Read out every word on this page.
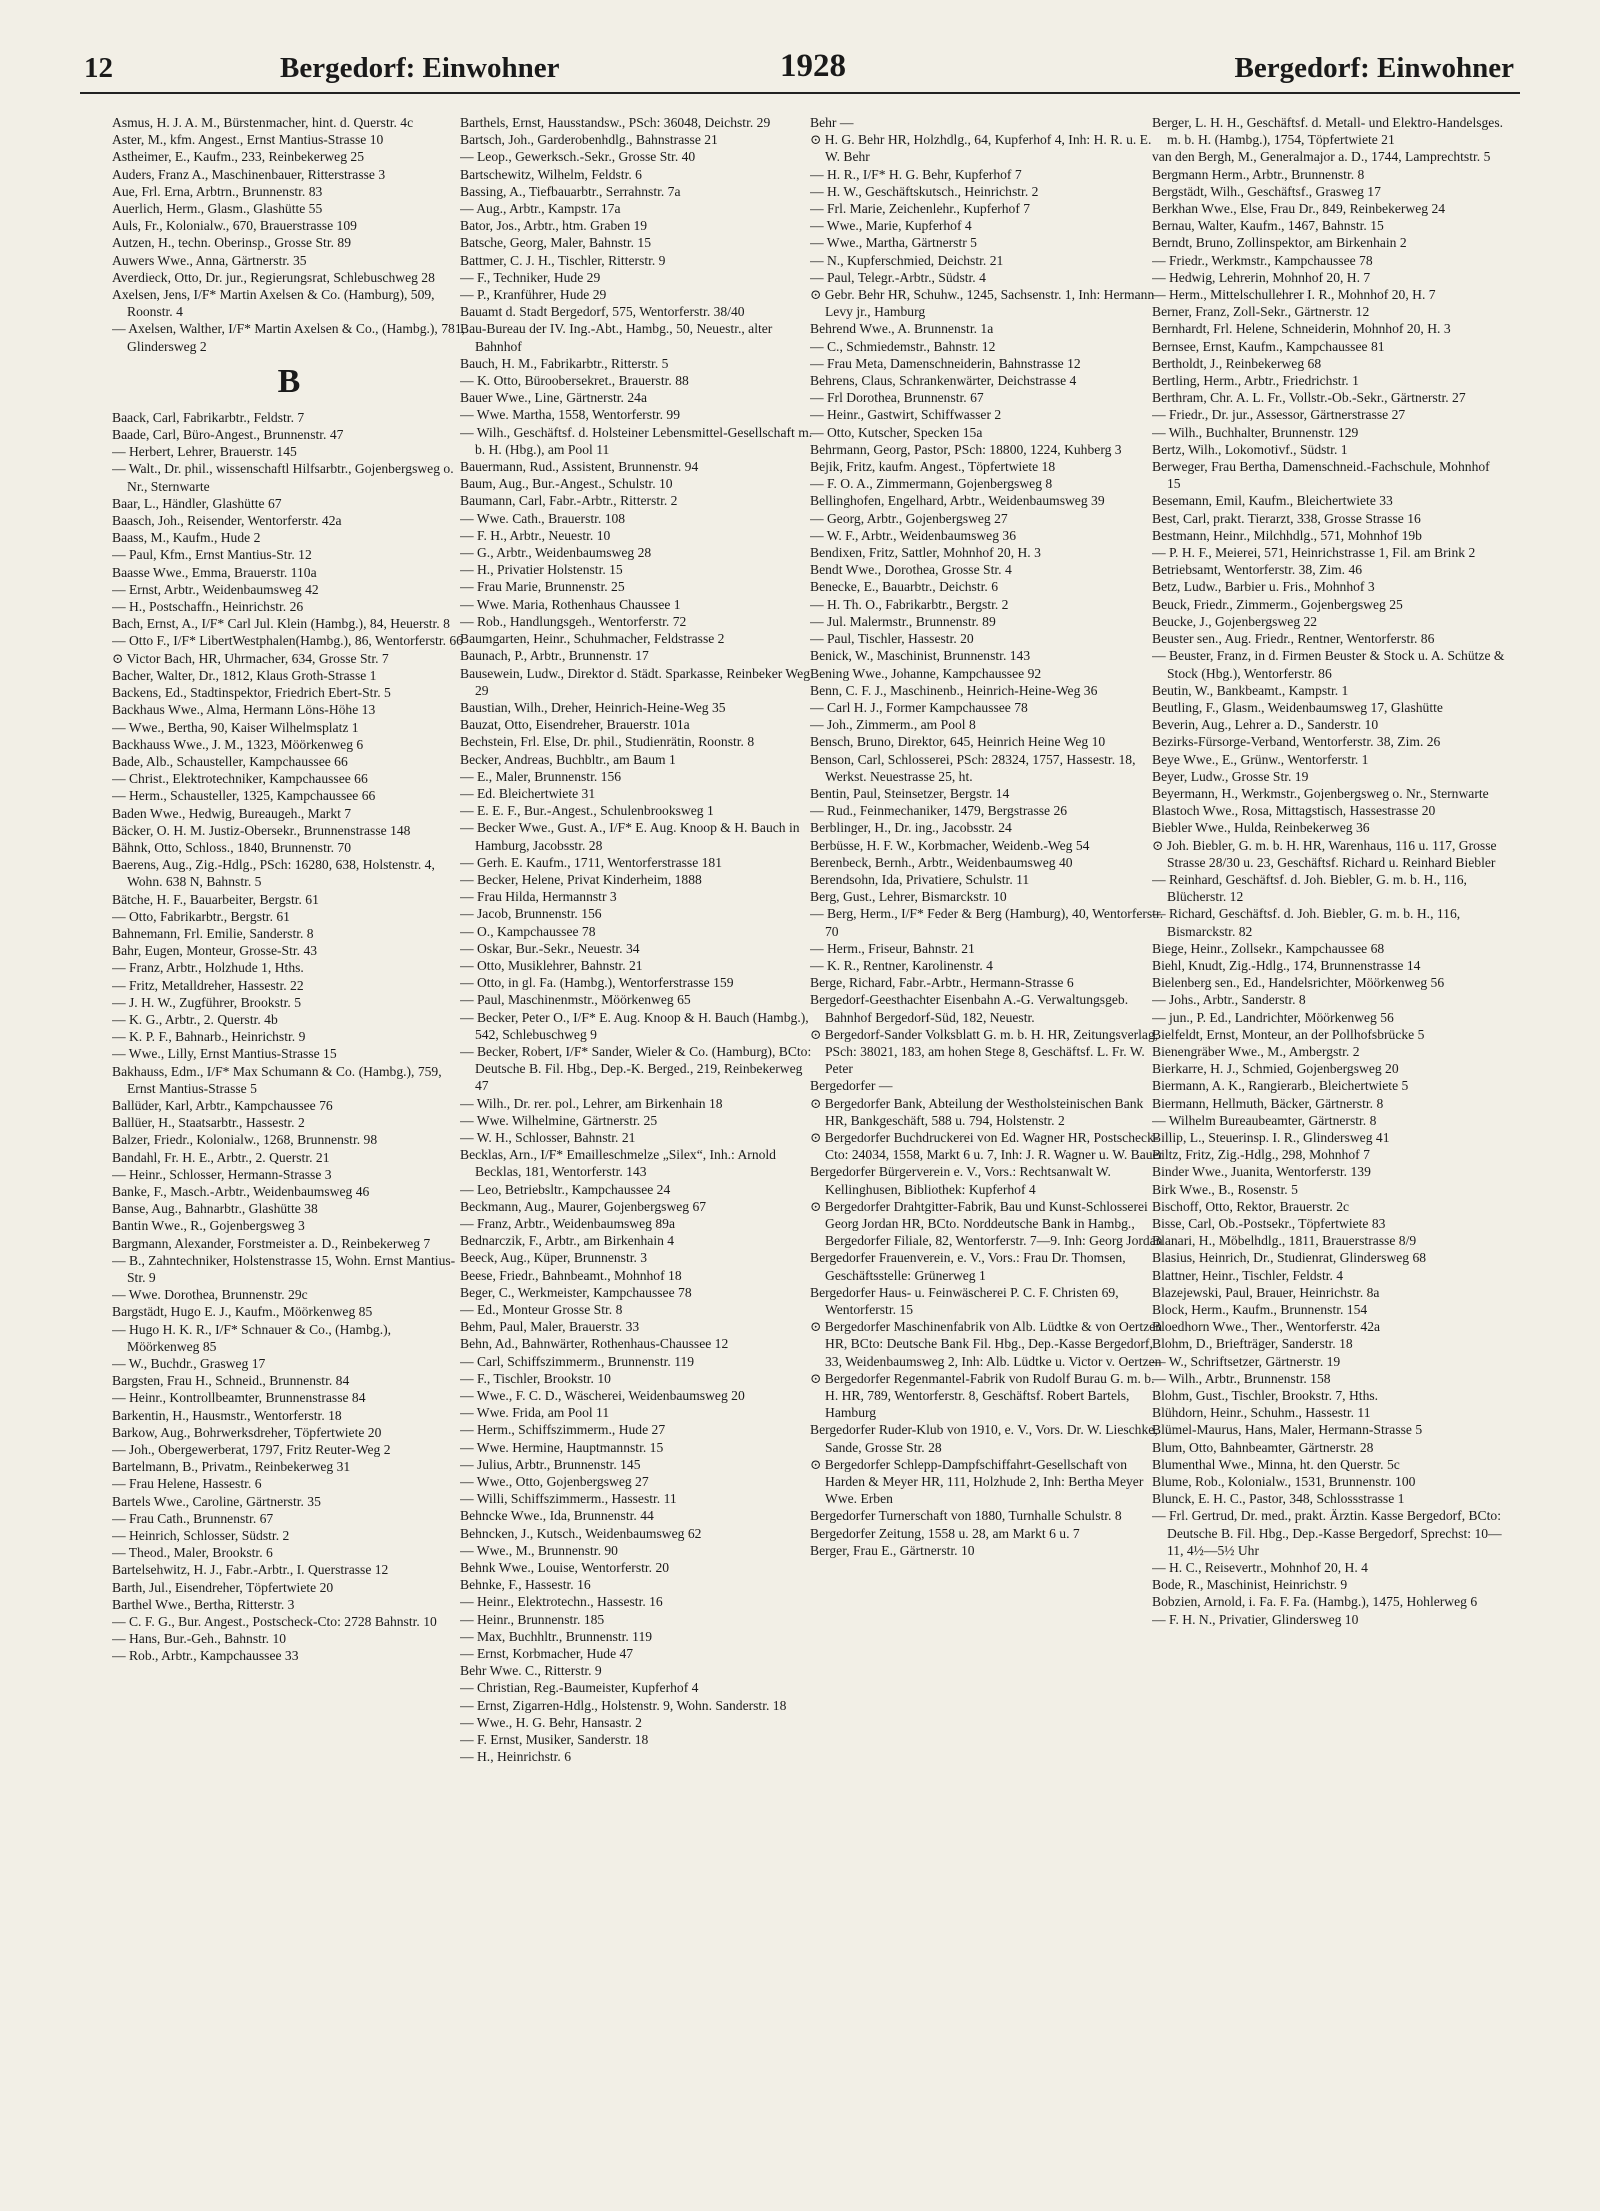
12	Bergedorf: Einwohner	1928	Bergedorf: Einwohner
Asmus, H. J. A. M., Bürstenmacher, hint. d. Querstr. 4c
Aster, M., kfm. Angest., Ernst Mantius-Strasse 10
Astheimer, E., Kaufm., 233, Reinbekerweg 25
Auders, Franz A., Maschinenbauer, Ritterstrasse 3
Aue, Frl. Erna, Arbtrn., Brunnenstr. 83
Auerlich, Herm., Glasm., Glashütte 55
Auls, Fr., Kolonialw., 670, Brauerstrasse 109
Autzen, H., techn. Oberinsp., Grosse Str. 89
Auwers Wwe., Anna, Gärtnerstr. 35
Averdieck, Otto, Dr. jur., Regierungsrat, Schlebuschweg 28
Axelsen, Jens, I/F* Martin Axelsen & Co. (Hamburg), 509, Roonstr. 4
— Axelsen, Walther, I/F* Martin Axelsen & Co., (Hambg.), 781, Glindersweg 2
B
Baack, Carl, Fabrikarbtr., Feldstr. 7
Baade, Carl, Büro-Angest., Brunnenstr. 47
— Herbert, Lehrer, Brauerstr. 145
— Walt., Dr. phil., wissenschaftl Hilfsarbtr., Gojenbergsweg o. Nr., Sternwarte
Baar, L., Händler, Glashütte 67
Baasch, Joh., Reisender, Wentorferstr. 42a
Baass, M., Kaufm., Hude 2
— Paul, Kfm., Ernst Mantius-Str. 12
Baasse Wwe., Emma, Brauerstr. 110a
— Ernst, Arbtr., Weidenbaumsweg 42
— H., Postschaffn., Heinrichstr. 26
Bach, Ernst, A., I/F* Carl Jul. Klein (Hambg.), 84, Heuerstr. 8
— Otto F., I/F* LibertWestphalen(Hambg.), 86, Wentorferstr. 66
⊙ Victor Bach, HR, Uhrmacher, 634, Grosse Str. 7
Bacher, Walter, Dr., 1812, Klaus Groth-Strasse 1
Backens, Ed., Stadtinspektor, Friedrich Ebert-Str. 5
Backhaus Wwe., Alma, Hermann Löns-Höhe 13
— Wwe., Bertha, 90, Kaiser Wilhelmsplatz 1
Backhauss Wwe., J. M., 1323, Möörkenweg 6
Bade, Alb., Schausteller, Kampchaussee 66
— Christ., Elektrotechniker, Kampchaussee 66
— Herm., Schausteller, 1325, Kampchaussee 66
Baden Wwe., Hedwig, Bureaugeh., Markt 7
Bäcker, O. H. M. Justiz-Obersekr., Brunnenstrasse 148
Bähnk, Otto, Schloss., 1840, Brunnenstr. 70
Baerens, Aug., Zig.-Hdlg., PSch: 16280, 638, Holstenstr. 4, Wohn. 638 N, Bahnstr. 5
Bätche, H. F., Bauarbeiter, Bergstr. 61
— Otto, Fabrikarbtr., Bergstr. 61
Bahnemann, Frl. Emilie, Sanderstr. 8
Bahr, Eugen, Monteur, Grosse-Str. 43
— Franz, Arbtr., Holzhude 1, Hths.
— Fritz, Metalldreher, Hassestr. 22
— J. H. W., Zugführer, Brookstr. 5
— K. G., Arbtr., 2. Querstr. 4b
— K. P. F., Bahnarb., Heinrichstr. 9
— Wwe., Lilly, Ernst Mantius-Strasse 15
Bakhauss, Edm., I/F* Max Schumann & Co. (Hambg.), 759, Ernst Mantius-Strasse 5
Ballüder, Karl, Arbtr., Kampchaussee 76
Ballüer, H., Staatsarbtr., Hassestr. 2
Balzer, Friedr., Kolonialw., 1268, Brunnenstr. 98
Bandahl, Fr. H. E., Arbtr., 2. Querstr. 21
— Heinr., Schlosser, Hermann-Strasse 3
Banke, F., Masch.-Arbtr., Weidenbaumsweg 46
Banse, Aug., Bahnarbtr., Glashütte 38
Bantin Wwe., R., Gojenbergsweg 3
Bargmann, Alexander, Forstmeister a. D., Reinbekerweg 7
— B., Zahntechniker, Holstenstrasse 15, Wohn. Ernst Mantius-Str. 9
— Wwe. Dorothea, Brunnenstr. 29c
Bargstädt, Hugo E. J., Kaufm., Möörkenweg 85
— Hugo H. K. R., I/F* Schnauer & Co., (Hambg.), Möörkenweg 85
— W., Buchdr., Grasweg 17
Bargsten, Frau H., Schneid., Brunnenstr. 84
— Heinr., Kontrollbeamter, Brunnenstrasse 84
Barkentin, H., Hausmstr., Wentorferstr. 18
Barkow, Aug., Bohrwerksdreher, Töpfertwiete 20
— Joh., Obergewerberat, 1797, Fritz Reuter-Weg 2
Bartelmann, B., Privatm., Reinbekerweg 31
— Frau Helene, Hassestr. 6
Bartels Wwe., Caroline, Gärtnerstr. 35
— Frau Cath., Brunnenstr. 67
— Heinrich, Schlosser, Südstr. 2
— Theod., Maler, Brookstr. 6
Bartelsehwitz, H. J., Fabr.-Arbtr., I. Querstrasse 12
Barth, Jul., Eisendreher, Töpfertwiete 20
Barthel Wwe., Bertha, Ritterstr. 3
— C. F. G., Bur. Angest., Postscheck-Cto: 2728 Bahnstr. 10
— Hans, Bur.-Geh., Bahnstr. 10
— Rob., Arbtr., Kampchaussee 33
Barthels, Ernst, Hausstandsw., PSch: 36048, Deichstr. 29
Bartsch, Joh., Garderobenhdlg., Bahnstrasse 21
— Leop., Gewerksch.-Sekr., Grosse Str. 40
Bartschewitz, Wilhelm, Feldstr. 6
Bassing, A., Tiefbauarbtr., Serrahnstr. 7a
— Aug., Arbtr., Kampstr. 17a
Bator, Jos., Arbtr., htm. Graben 19
Batsche, Georg, Maler, Bahnstr. 15
Battmer, C. J. H., Tischler, Ritterstr. 9
— F., Techniker, Hude 29
— P., Kranführer, Hude 29
Bauamt d. Stadt Bergedorf, 575, Wentorferstr. 38/40
Bau-Bureau der IV. Ing.-Abt., Hambg., 50, Neuestr., alter Bahnhof
Bauch, H. M., Fabrikarbtr., Ritterstr. 5
— K. Otto, Büroobersekret., Brauerstr. 88
Bauer Wwe., Line, Gärtnerstr. 24a
— Wwe. Martha, 1558, Wentorferstr. 99
— Wilh., Geschäftsf. d. Holsteiner Lebensmittel-Gesellschaft m. b. H. (Hbg.), am Pool 11
Bauermann, Rud., Assistent, Brunnenstr. 94
Baum, Aug., Bur.-Angest., Schulstr. 10
Baumann, Carl, Fabr.-Arbtr., Ritterstr. 2
— Wwe. Cath., Brauerstr. 108
— F. H., Arbtr., Neuestr. 10
— G., Arbtr., Weidenbaumsweg 28
— H., Privatier Holstenstr. 15
— Frau Marie, Brunnenstr. 25
— Wwe. Maria, Rothenhaus Chaussee 1
— Rob., Handlungsgeh., Wentorferstr. 72
Baumgarten, Heinr., Schuhmacher, Feldstrasse 2
Baunach, P., Arbtr., Brunnenstr. 17
Bausewein, Ludw., Direktor d. Städt. Sparkasse, Reinbeker Weg 29
Baustian, Wilh., Dreher, Heinrich-Heine-Weg 35
Bauzat, Otto, Eisendreher, Brauerstr. 101a
Bechstein, Frl. Else, Dr. phil., Studienrätin, Roonstr. 8
Becker, Andreas, Buchbltr., am Baum 1
— E., Maler, Brunnenstr. 156
— Ed. Bleichertwiete 31
— E. E. F., Bur.-Angest., Schulenbrooksweg 1
— Becker Wwe., Gust. A., I/F* E. Aug. Knoop & H. Bauch in Hamburg, Jacobsstr. 28
— Gerh. E. Kaufm., 1711, Wentorferstrasse 181
— Becker, Helene, Privat Kinderheim, 1888
— Frau Hilda, Hermannstr 3
— Jacob, Brunnenstr. 156
— O., Kampchaussee 78
— Oskar, Bur.-Sekr., Neuestr. 34
— Otto, Musiklehrer, Bahnstr. 21
— Otto, in gl. Fa. (Hambg.), Wentorferstrasse 159
— Paul, Maschinenmstr., Möörkenweg 65
— Becker, Peter O., I/F* E. Aug. Knoop & H. Bauch (Hambg.), 542, Schlebuschweg 9
— Becker, Robert, I/F* Sander, Wieler & Co. (Hamburg), BCto: Deutsche B. Fil. Hbg., Dep.-K. Berged., 219, Reinbekerweg 47
— Wilh., Dr. rer. pol., Lehrer, am Birkenhain 18
— Wwe. Wilhelmine, Gärtnerstr. 25
— W. H., Schlosser, Bahnstr. 21
Becklas, Arn., I/F* Emailleschmelze „Silex“, Inh.: Arnold Becklas, 181, Wentorferstr. 143
— Leo, Betriebsltr., Kampchaussee 24
Beckmann, Aug., Maurer, Gojenbergsweg 67
— Franz, Arbtr., Weidenbaumsweg 89a
Bednarczik, F., Arbtr., am Birkenhain 4
Beeck, Aug., Küper, Brunnenstr. 3
Beese, Friedr., Bahnbeamt., Mohnhof 18
Beger, C., Werkmeister, Kampchaussee 78
— Ed., Monteur Grosse Str. 8
Behm, Paul, Maler, Brauerstr. 33
Behn, Ad., Bahnwärter, Rothenhaus-Chaussee 12
— Carl, Schiffszimmerm., Brunnenstr. 119
— F., Tischler, Brookstr. 10
— Wwe., F. C. D., Wäscherei, Weidenbaumsweg 20
— Wwe. Frida, am Pool 11
— Herm., Schiffszimmerm., Hude 27
— Wwe. Hermine, Hauptmannstr. 15
— Julius, Arbtr., Brunnenstr. 145
— Wwe., Otto, Gojenbergsweg 27
— Willi, Schiffszimmerm., Hassestr. 11
Behncke Wwe., Ida, Brunnenstr. 44
Behncken, J., Kutsch., Weidenbaumsweg 62
— Wwe., M., Brunnenstr. 90
Behnk Wwe., Louise, Wentorferstr. 20
Behnke, F., Hassestr. 16
— Heinr., Elektrotechn., Hassestr. 16
— Heinr., Brunnenstr. 185
— Max, Buchhltr., Brunnenstr. 119
— Ernst, Korbmacher, Hude 47
Behr Wwe. C., Ritterstr. 9
— Christian, Reg.-Baumeister, Kupferhof 4
— Ernst, Zigarren-Hdlg., Holstenstr. 9, Wohn. Sanderstr. 18
— Wwe., H. G. Behr, Hansastr. 2
— F. Ernst, Musiker, Sanderstr. 18
— H., Heinrichstr. 6
Behr —
⊙ H. G. Behr HR, Holzhdlg., 64, Kupferhof 4, Inh: H. R. u. E. W. Behr
— H. R., I/F* H. G. Behr, Kupferhof 7
— H. W., Geschäftskutsch., Heinrichstr. 2
— Frl. Marie, Zeichenlehr., Kupferhof 7
— Wwe., Marie, Kupferhof 4
— Wwe., Martha, Gärtnerstr 5
— N., Kupferschmied, Deichstr. 21
— Paul, Telegr.-Arbtr., Südstr. 4
⊙ Gebr. Behr HR, Schuhw., 1245, Sachsenstr. 1, Inh: Hermann Levy jr., Hamburg
Behrend Wwe., A. Brunnenstr. 1a
— C., Schmiedemstr., Bahnstr. 12
— Frau Meta, Damenschneiderin, Bahnstrasse 12
Behrens, Claus, Schrankenwärter, Deichstrasse 4
— Frl Dorothea, Brunnenstr. 67
— Heinr., Gastwirt, Schiffwasser 2
— Otto, Kutscher, Specken 15a
Behrmann, Georg, Pastor, PSch: 18800, 1224, Kuhberg 3
Bejik, Fritz, kaufm. Angest., Töpfertwiete 18
— F. O. A., Zimmermann, Gojenbergsweg 8
Bellinghofen, Engelhard, Arbtr., Weidenbaumsweg 39
— Georg, Arbtr., Gojenbergsweg 27
— W. F., Arbtr., Weidenbaumsweg 36
Bendixen, Fritz, Sattler, Mohnhof 20, H. 3
Bendt Wwe., Dorothea, Grosse Str. 4
Benecke, E., Bauarbtr., Deichstr. 6
— H. Th. O., Fabrikarbtr., Bergstr. 2
— Jul. Malermstr., Brunnenstr. 89
— Paul, Tischler, Hassestr. 20
Benick, W., Maschinist, Brunnenstr. 143
Bening Wwe., Johanne, Kampchaussee 92
Benn, C. F. J., Maschinenb., Heinrich-Heine-Weg 36
— Carl H. J., Former Kampchaussee 78
— Joh., Zimmerm., am Pool 8
Bensch, Bruno, Direktor, 645, Heinrich Heine Weg 10
Benson, Carl, Schlosserei, PSch: 28324, 1757, Hassestr. 18, Werkst. Neuestrasse 25, ht.
Bentin, Paul, Steinsetzer, Bergstr. 14
— Rud., Feinmechaniker, 1479, Bergstrasse 26
Berblinger, H., Dr. ing., Jacobsstr. 24
Berbüsse, H. F. W., Korbmacher, Weidenb.-Weg 54
Berenbeck, Bernh., Arbtr., Weidenbaumsweg 40
Berendsohn, Ida, Privatiere, Schulstr. 11
Berg, Gust., Lehrer, Bismarckstr. 10
— Berg, Herm., I/F* Feder & Berg (Hamburg), 40, Wentorferstr. 70
— Herm., Friseur, Bahnstr. 21
— K. R., Rentner, Karolinenstr. 4
Berge, Richard, Fabr.-Arbtr., Hermann-Strasse 6
Bergedorf-Geesthachter Eisenbahn A.-G. Verwaltungsgeb. Bahnhof Bergedorf-Süd, 182, Neuestr.
⊙ Bergedorf-Sander Volksblatt G. m. b. H. HR, Zeitungsverlag, PSch: 38021, 183, am hohen Stege 8, Geschäftsf. L. Fr. W. Peter
Bergedorfer —
⊙ Bergedorfer Bank, Abteilung der Westholsteinischen Bank HR, Bankgeschäft, 588 u. 794, Holstenstr. 2
⊙ Bergedorfer Buchdruckerei von Ed. Wagner HR, Postscheck-Cto: 24034, 1558, Markt 6 u. 7, Inh: J. R. Wagner u. W. Bauer
Bergedorfer Bürgerverein e. V., Vors.: Rechtsanwalt W. Kellinghusen, Bibliothek: Kupferhof 4
⊙ Bergedorfer Drahtgitter-Fabrik, Bau und Kunst-Schlosserei Georg Jordan HR, BCto. Norddeutsche Bank in Hambg., Bergedorfer Filiale, 82, Wentorferstr. 7—9. Inh: Georg Jordan
Bergedorfer Frauenverein, e. V., Vors.: Frau Dr. Thomsen, Geschäftsstelle: Grünerweg 1
Bergedorfer Haus- u. Feinwäscherei P. C. F. Christen 69, Wentorferstr. 15
⊙ Bergedorfer Maschinenfabrik von Alb. Lüdtke & von Oertzen HR, BCto: Deutsche Bank Fil. Hbg., Dep.-Kasse Bergedorf, 33, Weidenbaumsweg 2, Inh: Alb. Lüdtke u. Victor v. Oertzen
⊙ Bergedorfer Regenmantel-Fabrik von Rudolf Burau G. m. b. H. HR, 789, Wentorferstr. 8, Geschäftsf. Robert Bartels, Hamburg
Bergedorfer Ruder-Klub von 1910, e. V., Vors. Dr. W. Lieschke, Sande, Grosse Str. 28
⊙ Bergedorfer Schlepp-Dampfschiffahrt-Gesellschaft von Harden & Meyer HR, 111, Holzhude 2, Inh: Bertha Meyer Wwe. Erben
Bergedorfer Turnerschaft von 1880, Turnhalle Schulstr. 8
Bergedorfer Zeitung, 1558 u. 28, am Markt 6 u. 7
Berger, Frau E., Gärtnerstr. 10
Berger, L. H. H., Geschäftsf. d. Metall- und Elektro-Handelsges. m. b. H. (Hambg.), 1754, Töpfertwiete 21
van den Bergh, M., Generalmajor a. D., 1744, Lamprechtstr. 5
Bergmann Herm., Arbtr., Brunnenstr. 8
Bergstädt, Wilh., Geschäftsf., Grasweg 17
Berkhan Wwe., Else, Frau Dr., 849, Reinbekerweg 24
Bernau, Walter, Kaufm., 1467, Bahnstr. 15
Berndt, Bruno, Zollinspektor, am Birkenhain 2
— Friedr., Werkmstr., Kampchaussee 78
— Hedwig, Lehrerin, Mohnhof 20, H. 7
— Herm., Mittelschullehrer I. R., Mohnhof 20, H. 7
Berner, Franz, Zoll-Sekr., Gärtnerstr. 12
Bernhardt, Frl. Helene, Schneiderin, Mohnhof 20, H. 3
Bernsee, Ernst, Kaufm., Kampchaussee 81
Bertholdt, J., Reinbekerweg 68
Bertling, Herm., Arbtr., Friedrichstr. 1
Berthram, Chr. A. L. Fr., Vollstr.-Ob.-Sekr., Gärtnerstr. 27
— Friedr., Dr. jur., Assessor, Gärtnerstrasse 27
— Wilh., Buchhalter, Brunnenstr. 129
Bertz, Wilh., Lokomotivf., Südstr. 1
Berweger, Frau Bertha, Damenschneid.-Fachschule, Mohnhof 15
Besemann, Emil, Kaufm., Bleichertwiete 33
Best, Carl, prakt. Tierarzt, 338, Grosse Strasse 16
Bestmann, Heinr., Milchhdlg., 571, Mohnhof 19b
— P. H. F., Meierei, 571, Heinrichstrasse 1, Fil. am Brink 2
Betriebsamt, Wentorferstr. 38, Zim. 46
Betz, Ludw., Barbier u. Fris., Mohnhof 3
Beuck, Friedr., Zimmerm., Gojenbergsweg 25
Beucke, J., Gojenbergsweg 22
Beuster sen., Aug. Friedr., Rentner, Wentorferstr. 86
— Beuster, Franz, in d. Firmen Beuster & Stock u. A. Schütze & Stock (Hbg.), Wentorferstr. 86
Beutin, W., Bankbeamt., Kampstr. 1
Beutling, F., Glasm., Weidenbaumsweg 17, Glashütte
Beverin, Aug., Lehrer a. D., Sanderstr. 10
Bezirks-Fürsorge-Verband, Wentorferstr. 38, Zim. 26
Beye Wwe., E., Grünw., Wentorferstr. 1
Beyer, Ludw., Grosse Str. 19
Beyermann, H., Werkmstr., Gojenbergsweg o. Nr., Sternwarte
Blastoch Wwe., Rosa, Mittagstisch, Hassestrasse 20
Biebler Wwe., Hulda, Reinbekerweg 36
⊙ Joh. Biebler, G. m. b. H. HR, Warenhaus, 116 u. 117, Grosse Strasse 28/30 u. 23, Geschäftsf. Richard u. Reinhard Biebler
— Reinhard, Geschäftsf. d. Joh. Biebler, G. m. b. H., 116, Blücherstr. 12
— Richard, Geschäftsf. d. Joh. Biebler, G. m. b. H., 116, Bismarckstr. 82
Biege, Heinr., Zollsekr., Kampchaussee 68
Biehl, Knudt, Zig.-Hdlg., 174, Brunnenstrasse 14
Bielenberg sen., Ed., Handelsrichter, Möörkenweg 56
— Johs., Arbtr., Sanderstr. 8
— jun., P. Ed., Landrichter, Möörkenweg 56
Bielfeldt, Ernst, Monteur, an der Pollhofsbrücke 5
Bienengräber Wwe., M., Ambergstr. 2
Bierkarre, H. J., Schmied, Gojenbergsweg 20
Biermann, A. K., Rangierarb., Bleichertwiete 5
Biermann, Hellmuth, Bäcker, Gärtnerstr. 8
— Wilhelm Bureaubeamter, Gärtnerstr. 8
Billip, L., Steuerinsp. I. R., Glindersweg 41
Biltz, Fritz, Zig.-Hdlg., 298, Mohnhof 7
Binder Wwe., Juanita, Wentorferstr. 139
Birk Wwe., B., Rosenstr. 5
Bischoff, Otto, Rektor, Brauerstr. 2c
Bisse, Carl, Ob.-Postsekr., Töpfertwiete 83
Blanari, H., Möbelhdlg., 1811, Brauerstrasse 8/9
Blasius, Heinrich, Dr., Studienrat, Glindersweg 68
Blattner, Heinr., Tischler, Feldstr. 4
Blazejewski, Paul, Brauer, Heinrichstr. 8a
Block, Herm., Kaufm., Brunnenstr. 154
Bloedhorn Wwe., Ther., Wentorferstr. 42a
Blohm, D., Briefträger, Sanderstr. 18
— W., Schriftsetzer, Gärtnerstr. 19
— Wilh., Arbtr., Brunnenstr. 158
Blohm, Gust., Tischler, Brookstr. 7, Hths.
Blühdorn, Heinr., Schuhm., Hassestr. 11
Blümel-Maurus, Hans, Maler, Hermann-Strasse 5
Blum, Otto, Bahnbeamter, Gärtnerstr. 28
Blumenthal Wwe., Minna, ht. den Querstr. 5c
Blume, Rob., Kolonialw., 1531, Brunnenstr. 100
Blunck, E. H. C., Pastor, 348, Schlossstrasse 1
— Frl. Gertrud, Dr. med., prakt. Ärztin. Kasse Bergedorf, BCto: Deutsche B. Fil. Hbg., Dep.-Kasse Bergedorf, Sprechst: 10—11, 4½—5½ Uhr
— H. C., Reisevertr., Mohnhof 20, H. 4
Bode, R., Maschinist, Heinrichstr. 9
Bobzien, Arnold, i. Fa. F. Fa. (Hambg.), 1475, Hohlerweg 6
— F. H. N., Privatier, Glindersweg 10
